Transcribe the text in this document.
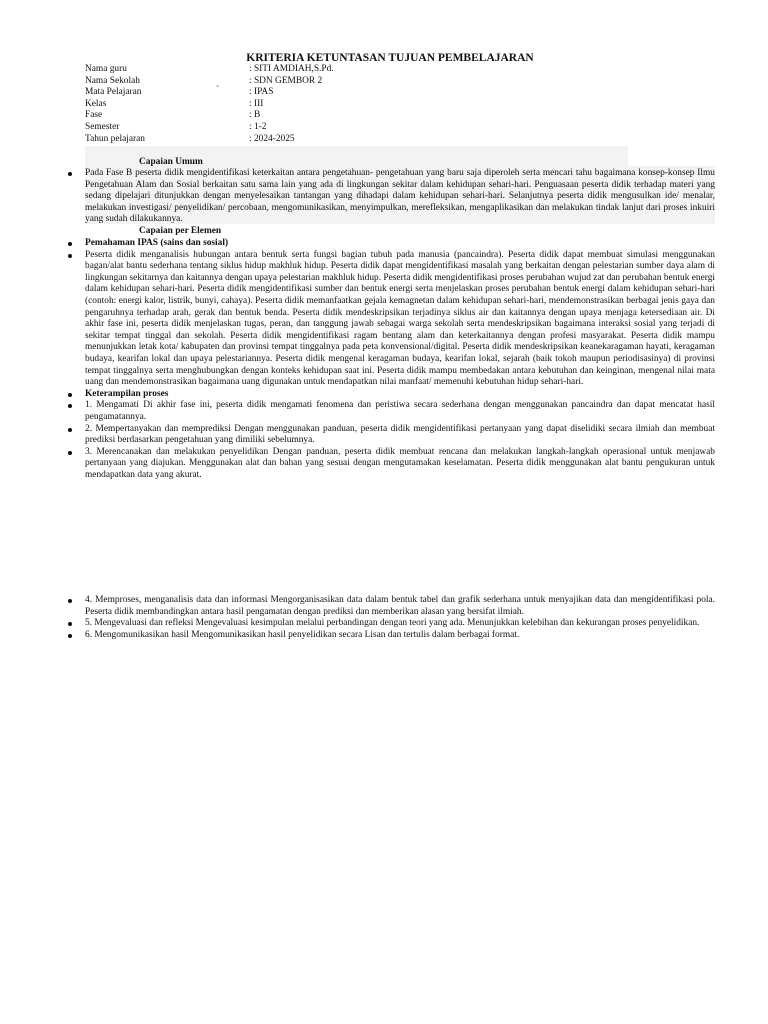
KRITERIA KETUNTASAN TUJUAN PEMBELAJARAN
Nama guru	: SITI AMDIAH,S.Pd.
Nama Sekolah	: SDN GEMBOR 2
Mata Pelajaran	`	: IPAS
Kelas	: III
Fase	: B
Semester	: 1-2
Tahun pelajaran	: 2024-2025
Capaian Umum
Pada Fase B peserta didik mengidentifikasi keterkaitan antara pengetahuan- pengetahuan yang baru saja diperoleh serta mencari tahu bagaimana konsep-konsep Ilmu Pengetahuan Alam dan Sosial berkaitan satu sama lain yang ada di lingkungan sekitar dalam kehidupan sehari-hari. Penguasaan peserta didik terhadap materi yang sedang dipelajari ditunjukkan dengan menyelesaikan tantangan yang dihadapi dalam kehidupan sehari-hari. Selanjutnya peserta didik mengusulkan ide/ menalar, melakukan investigasi/ penyelidikan/ percobaan, mengomunikasikan, menyimpulkan, merefleksikan, mengaplikasikan dan melakukan tindak lanjut dari proses inkuiri yang sudah dilakukannya.
Capaian per Elemen
Pemahaman IPAS (sains dan sosial)
Peserta didik menganalisis hubungan antara bentuk serta fungsi bagian tubuh pada manusia (pancaindra). Peserta didik dapat membuat simulasi menggunakan bagan/alat bantu sederhana tentang siklus hidup makhluk hidup. Peserta didik dapat mengidentifikasi masalah yang berkaitan dengan pelestarian sumber daya alam di lingkungan sekitarnya dan kaitannya dengan upaya pelestarian makhluk hidup. Peserta didik mengidentifikasi proses perubahan wujud zat dan perubahan bentuk energi dalam kehidupan sehari-hari. Peserta didik mengidentifikasi sumber dan bentuk energi serta menjelaskan proses perubahan bentuk energi dalam kehidupan sehari-hari (contoh: energi kalor, listrik, bunyi, cahaya). Peserta didik memanfaatkan gejala kemagnetan dalam kehidupan sehari-hari, mendemonstrasikan berbagai jenis gaya dan pengaruhnya terhadap arah, gerak dan bentuk benda. Peserta didik mendeskripsikan terjadinya siklus air dan kaitannya dengan upaya menjaga ketersediaan air. Di akhir fase ini, peserta didik menjelaskan tugas, peran, dan tanggung jawab sebagai warga sekolah serta mendeskripsikan bagaimana interaksi sosial yang terjadi di sekitar tempat tinggal dan sekolah. Peserta didik mengidentifikasi ragam bentang alam dan keterkaitannya dengan profesi masyarakat. Peserta didik mampu menunjukkan letak kota/ kabupaten dan provinsi tempat tinggalnya pada peta konvensional/digital. Peserta didik mendeskripsikan keanekaragaman hayati, keragaman budaya, kearifan lokal dan upaya pelestariannya. Peserta didik mengenal keragaman budaya, kearifan lokal, sejarah (baik tokoh maupun periodisasinya) di provinsi tempat tinggalnya serta menghubungkan dengan konteks kehidupan saat ini. Peserta didik mampu membedakan antara kebutuhan dan keinginan, mengenal nilai mata uang dan mendemonstrasikan bagaimana uang digunakan untuk mendapatkan nilai manfaat/ memenuhi kebutuhan hidup sehari-hari.
Keterampilan proses
1. Mengamati Di akhir fase ini, peserta didik mengamati fenomena dan peristiwa secara sederhana dengan menggunakan pancaindra dan dapat mencatat hasil pengamatannya.
2. Mempertanyakan dan memprediksi Dengan menggunakan panduan, peserta didik mengidentifikasi pertanyaan yang dapat diselidiki secara ilmiah dan membuat prediksi berdasarkan pengetahuan yang dimiliki sebelumnya.
3. Merencanakan dan melakukan penyelidikan Dengan panduan, peserta didik membuat rencana dan melakukan langkah-langkah operasional untuk menjawab pertanyaan yang diajukan. Menggunakan alat dan bahan yang sesuai dengan mengutamakan keselamatan. Peserta didik menggunakan alat bantu pengukuran untuk mendapatkan data yang akurat.
4. Memproses, menganalisis data dan informasi Mengorganisasikan data dalam bentuk tabel dan grafik sederhana untuk menyajikan data dan mengidentifikasi pola. Peserta didik membandingkan antara hasil pengamatan dengan prediksi dan memberikan alasan yang bersifat ilmiah.
5. Mengevaluasi dan refleksi Mengevaluasi kesimpulan melalui perbandingan dengan teori yang ada. Menunjukkan kelebihan dan kekurangan proses penyelidikan.
6. Mengomunikasikan hasil Mengomunikasikan hasil penyelidikan secara Lisan dan tertulis dalam berbagai format.
